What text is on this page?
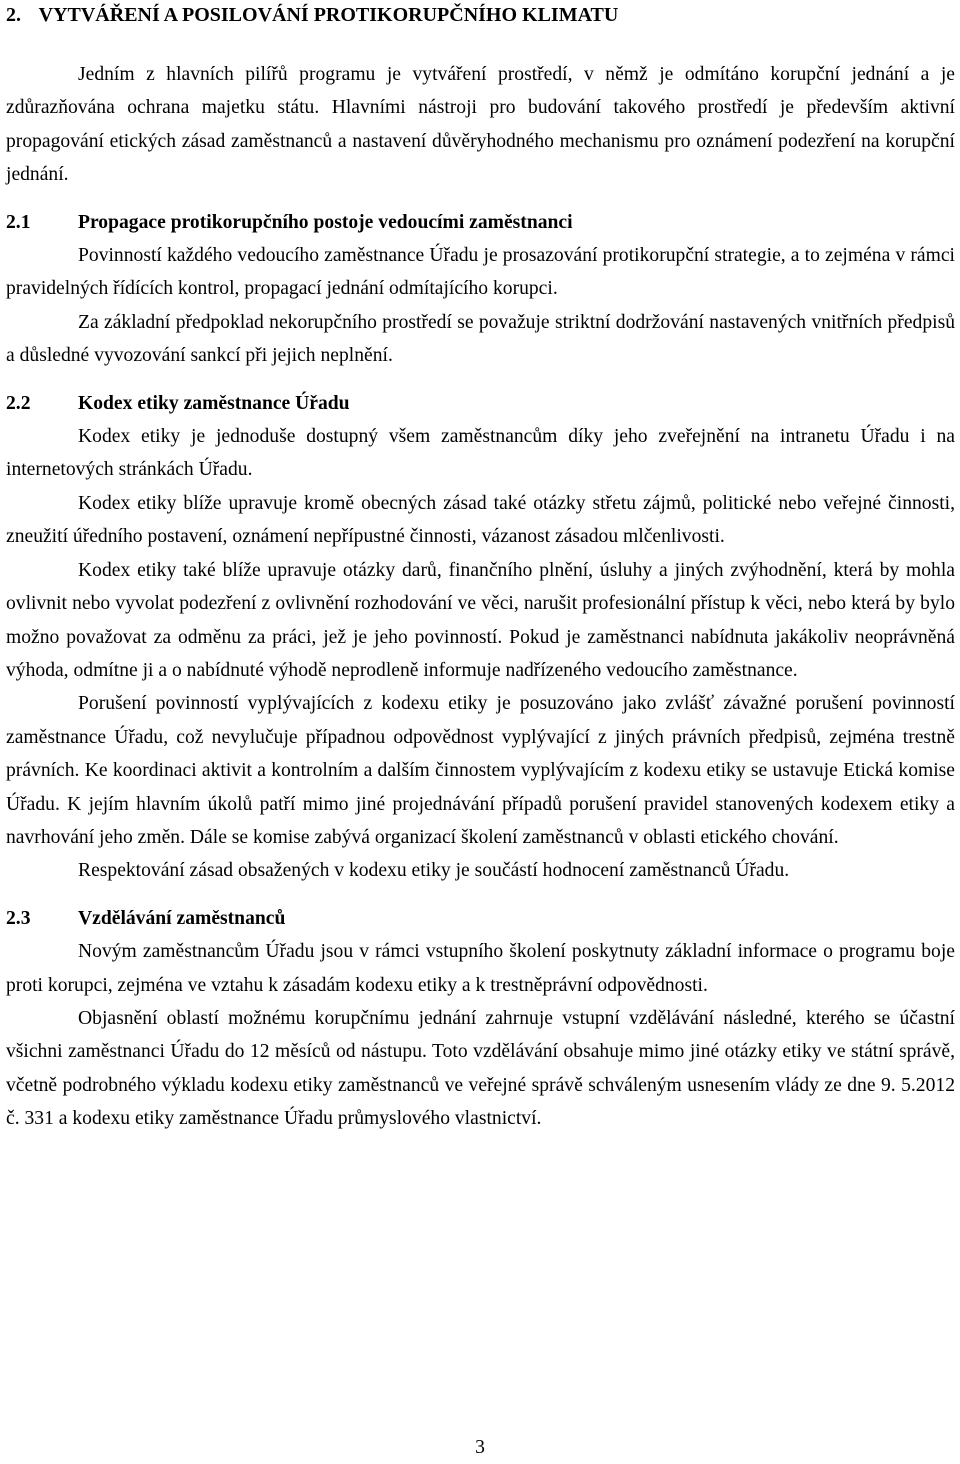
2. VYTVÁŘENÍ A POSILOVÁNÍ PROTIKORUPČNÍHO KLIMATU

Jedním z hlavních pilířů programu je vytváření prostředí, v němž je odmítáno korupční jednání a je zdůrazňována ochrana majetku státu. Hlavními nástroji pro budování takového prostředí je především aktivní propagování etických zásad zaměstnanců a nastavení důvěryhodného mechanismu pro oznámení podezření na korupční jednání.

2.1 Propagace protikorupčního postoje vedoucími zaměstnanci

Povinností každého vedoucího zaměstnance Úřadu je prosazování protikorupční strategie, a to zejména v rámci pravidelných řídících kontrol, propagací jednání odmítajícího korupci.

Za základní předpoklad nekorupčního prostředí se považuje striktní dodržování nastavených vnitřních předpisů a důsledné vyvozování sankcí při jejich neplnění.

2.2 Kodex etiky zaměstnance Úřadu

Kodex etiky je jednoduše dostupný všem zaměstnancům díky jeho zveřejnění na intranetu Úřadu i na internetových stránkách Úřadu.

Kodex etiky blíže upravuje kromě obecných zásad také otázky střetu zájmů, politické nebo veřejné činnosti, zneužití úředního postavení, oznámení nepřípustné činnosti, vázanost zásadou mlčenlivosti.

Kodex etiky také blíže upravuje otázky darů, finančního plnění, úsluhy a jiných zvýhodnění, která by mohla ovlivnit nebo vyvolat podezření z ovlivnění rozhodování ve věci, narušit profesionální přístup k věci, nebo která by bylo možno považovat za odměnu za práci, jež je jeho povinností. Pokud je zaměstnanci nabídnuta jakákoliv neoprávněná výhoda, odmítne ji a o nabídnuté výhodě neprodleně informuje nadřízeného vedoucího zaměstnance.

Porušení povinností vyplývajících z kodexu etiky je posuzováno jako zvlášť závažné porušení povinností zaměstnance Úřadu, což nevylučuje případnou odpovědnost vyplývající z jiných právních předpisů, zejména trestně právních. Ke koordinaci aktivit a kontrolním a dalším činnostem vyplývajícím z kodexu etiky se ustavuje Etická komise Úřadu. K jejím hlavním úkolů patří mimo jiné projednávání případů porušení pravidel stanovených kodexem etiky a navrhování jeho změn. Dále se komise zabývá organizací školení zaměstnanců v oblasti etického chování.

Respektování zásad obsažených v kodexu etiky je součástí hodnocení zaměstnanců Úřadu.

2.3 Vzdělávání zaměstnanců

Novým zaměstnancům Úřadu jsou v rámci vstupního školení poskytnuty základní informace o programu boje proti korupci, zejména ve vztahu k zásadám kodexu etiky a k trestněprávní odpovědnosti.

Objasnění oblastí možnému korupčnímu jednání zahrnuje vstupní vzdělávání následné, kterého se účastní všichni zaměstnanci Úřadu do 12 měsíců od nástupu. Toto vzdělávání obsahuje mimo jiné otázky etiky ve státní správě, včetně podrobného výkladu kodexu etiky zaměstnanců ve veřejné správě schváleným usnesením vlády ze dne 9. 5.2012 č. 331 a kodexu etiky zaměstnance Úřadu průmyslového vlastnictví.

3
